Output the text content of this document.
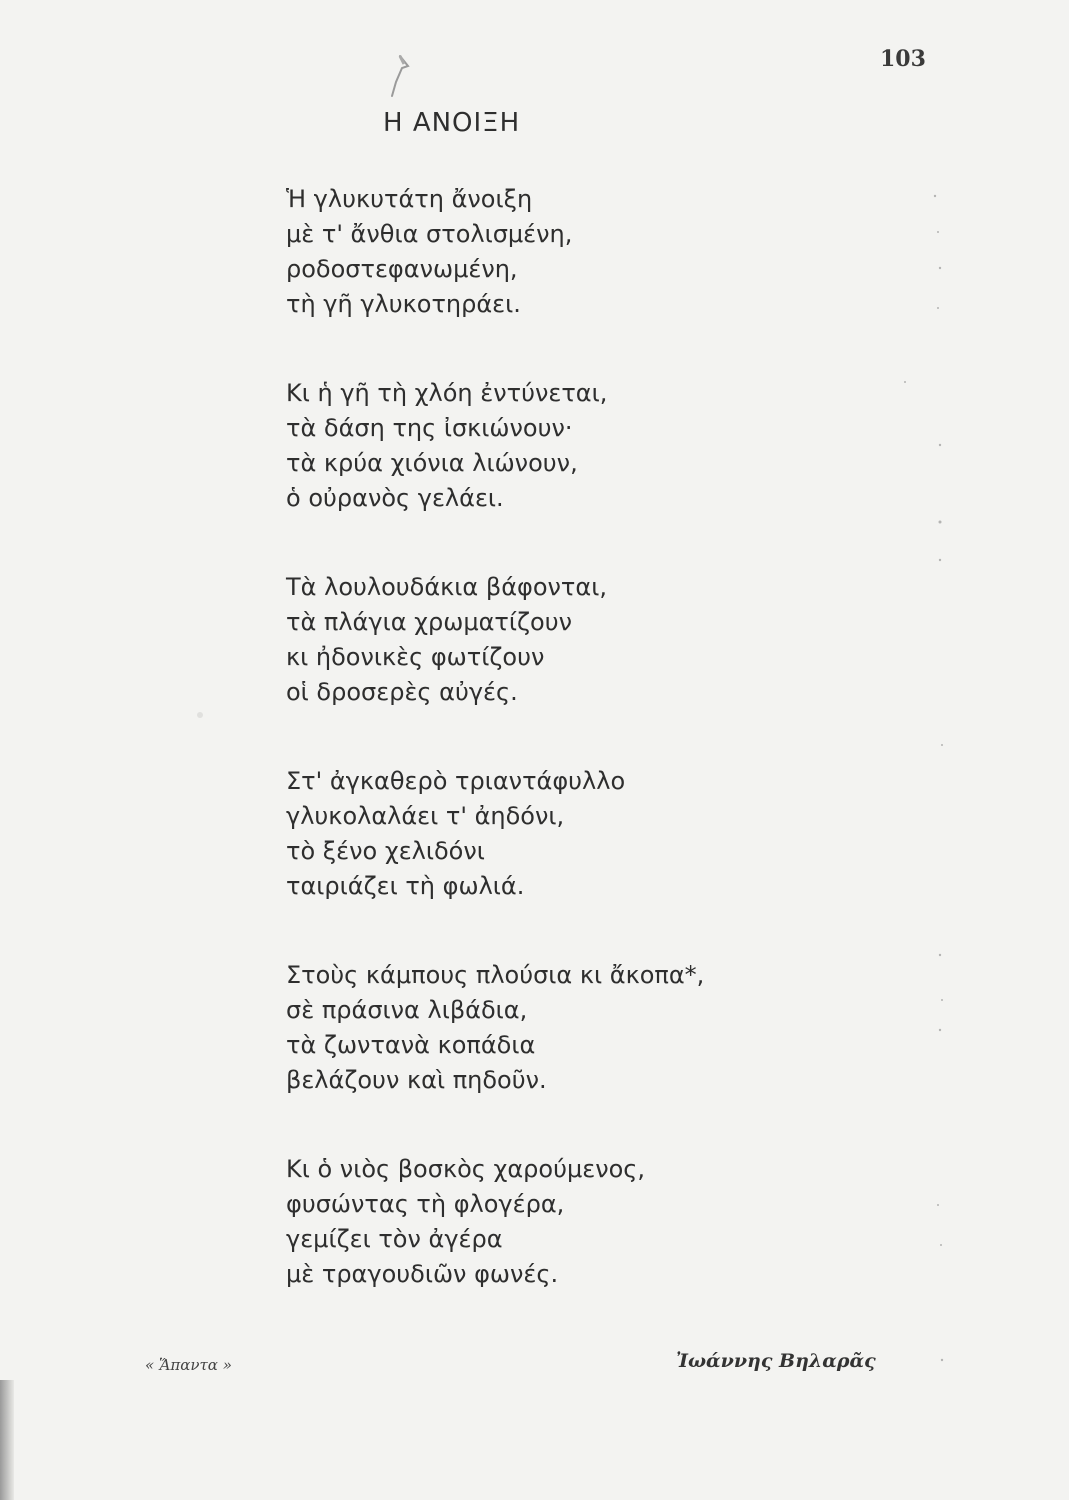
103
Η ΑΝΟΙΞΗ
Ἡ γλυκυτάτη ἄνοιξη
μὲ τ' ἄνθια στολισμένη,
ροδοστεφανωμένη,
τὴ γῆ γλυκοτηράει.
Κι ἡ γῆ τὴ χλόη ἐντύνεται,
τὰ δάση της ἰσκιώνουν·
τὰ κρύα χιόνια λιώνουν,
ὁ οὐρανὸς γελάει.
Τὰ λουλουδάκια βάφονται,
τὰ πλάγια χρωματίζουν
κι ἠδονικὲς φωτίζουν
οἱ δροσερὲς αὐγές.
Στ' ἀγκαθερὸ τριαντάφυλλο
γλυκολαλάει τ' ἀηδόνι,
τὸ ξένο χελιδόνι
ταιριάζει τὴ φωλιά.
Στοὺς κάμπους πλούσια κι ἄκοπα*,
σὲ πράσινα λιβάδια,
τὰ ζωντανὰ κοπάδια
βελάζουν καὶ πηδοῦν.
Κι ὁ νιὸς βοσκὸς χαρούμενος,
φυσώντας τὴ φλογέρα,
γεμίζει τὸν ἀγέρα
μὲ τραγουδιῶν φωνές.
« Ἅπαντα »	Ἰωάννης Βηλαρᾶς
